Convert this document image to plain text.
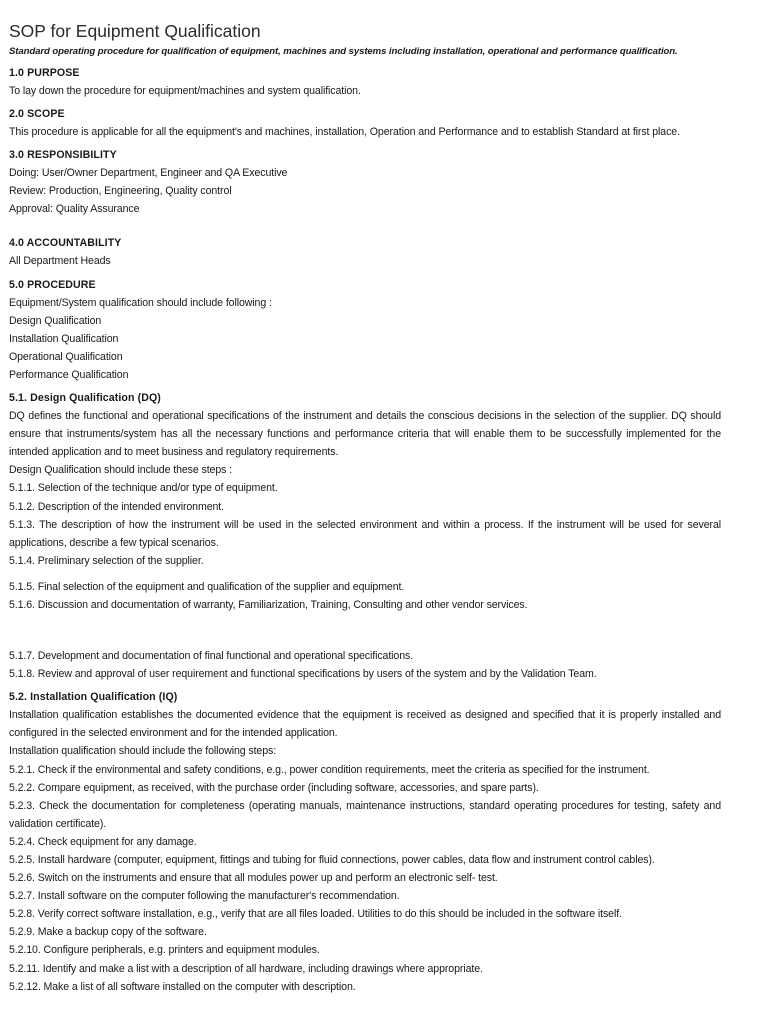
SOP for Equipment Qualification

Standard operating procedure for qualification of equipment, machines and systems including installation, operational and performance qualification.

1.0 PURPOSE

To lay down the procedure for equipment/machines and system qualification.

2.0 SCOPE

This procedure is applicable for all the equipment's and machines, installation, Operation and Performance and to establish Standard at first place.

3.0 RESPONSIBILITY

Doing: User/Owner Department, Engineer and QA Executive

Review: Production, Engineering, Quality control

Approval: Quality Assurance

4.0 ACCOUNTABILITY

All Department Heads

5.0 PROCEDURE

Equipment/System qualification should include following :

Design Qualification

Installation Qualification

Operational Qualification

Performance Qualification

5.1. Design Qualification (DQ)

DQ defines the functional and operational specifications of the instrument and details the conscious decisions in the selection of the supplier. DQ should ensure that instruments/system has all the necessary functions and performance criteria that will enable them to be successfully implemented for the intended application and to meet business and regulatory requirements.

Design Qualification should include these steps :

5.1.1. Selection of the technique and/or type of equipment.

5.1.2. Description of the intended environment.

5.1.3. The description of how the instrument will be used in the selected environment and within a process. If the instrument will be used for several applications, describe a few typical scenarios.

5.1.4. Preliminary selection of the supplier.

5.1.5. Final selection of the equipment and qualification of the supplier and equipment.

5.1.6. Discussion and documentation of warranty, Familiarization, Training, Consulting and other vendor services.

5.1.7. Development and documentation of final functional and operational specifications.

5.1.8. Review and approval of user requirement and functional specifications by users of the system and by the Validation Team.

5.2. Installation Qualification (IQ)

Installation qualification establishes the documented evidence that the equipment is received as designed and specified that it is properly installed and configured in the selected environment and for the intended application.

Installation qualification should include the following steps:

5.2.1. Check if the environmental and safety conditions, e.g., power condition requirements, meet the criteria as specified for the instrument.

5.2.2. Compare equipment, as received, with the purchase order (including software, accessories, and spare parts).

5.2.3. Check the documentation for completeness (operating manuals, maintenance instructions, standard operating procedures for testing, safety and validation certificate).

5.2.4. Check equipment for any damage.

5.2.5. Install hardware (computer, equipment, fittings and tubing for fluid connections, power cables, data flow and instrument control cables).

5.2.6. Switch on the instruments and ensure that all modules power up and perform an electronic self- test.

5.2.7. Install software on the computer following the manufacturer's recommendation.

5.2.8. Verify correct software installation, e.g., verify that are all files loaded. Utilities to do this should be included in the software itself.

5.2.9. Make a backup copy of the software.

5.2.10. Configure peripherals, e.g. printers and equipment modules.

5.2.11. Identify and make a list with a description of all hardware, including drawings where appropriate.

5.2.12. Make a list of all software installed on the computer with description.
